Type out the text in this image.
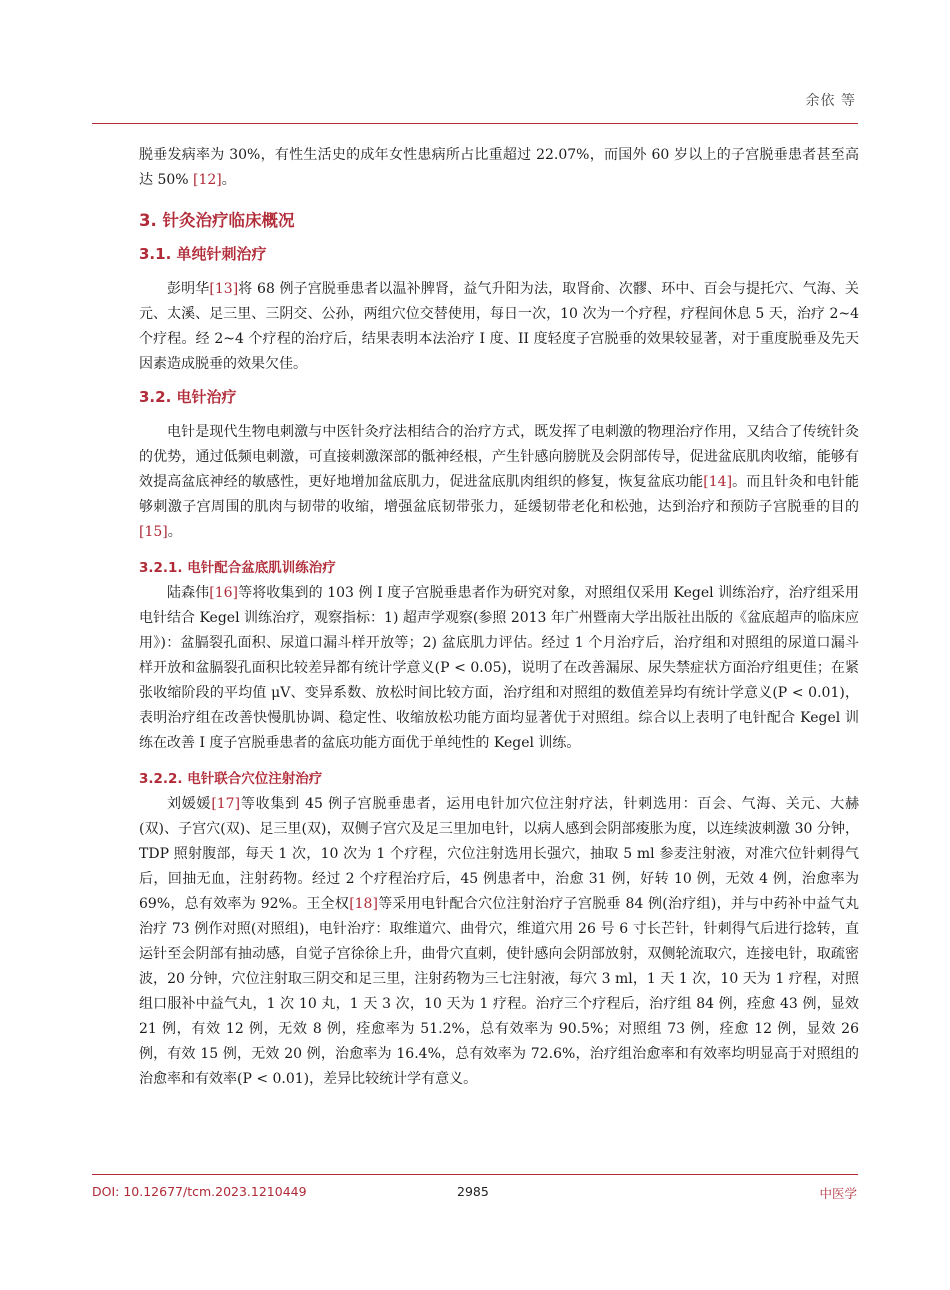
余依 等

脱垂发病率为 30%，有性生活史的成年女性患病所占比重超过 22.07%，而国外 60 岁以上的子宫脱垂患者甚至高达 50% [12]。

3. 针灸治疗临床概况
3.1. 单纯针刺治疗

彭明华[13]将 68 例子宫脱垂患者以温补脾肾，益气升阳为法，取肾俞、次髎、环中、百会与提托穴、气海、关元、太溪、足三里、三阴交、公孙，两组穴位交替使用，每日一次，10 次为一个疗程，疗程间休息 5 天，治疗 2~4 个疗程。经 2~4 个疗程的治疗后，结果表明本法治疗 I 度、II 度轻度子宫脱垂的效果较显著，对于重度脱垂及先天因素造成脱垂的效果欠佳。

3.2. 电针治疗

电针是现代生物电刺激与中医针灸疗法相结合的治疗方式，既发挥了电刺激的物理治疗作用，又结合了传统针灸的优势，通过低频电刺激，可直接刺激深部的骶神经根，产生针感向膀胱及会阴部传导，促进盆底肌肉收缩，能够有效提高盆底神经的敏感性，更好地增加盆底肌力，促进盆底肌肉组织的修复，恢复盆底功能[14]。而且针灸和电针能够刺激子宫周围的肌肉与韧带的收缩，增强盆底韧带张力，延缓韧带老化和松弛，达到治疗和预防子宫脱垂的目的[15]。

3.2.1. 电针配合盆底肌训练治疗

陆森伟[16]等将收集到的 103 例 I 度子宫脱垂患者作为研究对象，对照组仅采用 Kegel 训练治疗，治疗组采用电针结合 Kegel 训练治疗，观察指标：1) 超声学观察(参照 2013 年广州暨南大学出版社出版的《盆底超声的临床应用》)：盆膈裂孔面积、尿道口漏斗样开放等；2) 盆底肌力评估。经过 1 个月治疗后，治疗组和对照组的尿道口漏斗样开放和盆膈裂孔面积比较差异都有统计学意义(P < 0.05)，说明了在改善漏尿、尿失禁症状方面治疗组更佳；在紧张收缩阶段的平均值 μV、变异系数、放松时间比较方面，治疗组和对照组的数值差异均有统计学意义(P < 0.01)，表明治疗组在改善快慢肌协调、稳定性、收缩放松功能方面均显著优于对照组。综合以上表明了电针配合 Kegel 训练在改善 I 度子宫脱垂患者的盆底功能方面优于单纯性的 Kegel 训练。

3.2.2. 电针联合穴位注射治疗

刘媛媛[17]等收集到 45 例子宫脱垂患者，运用电针加穴位注射疗法，针刺选用：百会、气海、关元、大赫(双)、子宫穴(双)、足三里(双)，双侧子宫穴及足三里加电针，以病人感到会阴部痠胀为度，以连续波刺激 30 分钟，TDP 照射腹部，每天 1 次，10 次为 1 个疗程，穴位注射选用长强穴，抽取 5 ml 参麦注射液，对准穴位针刺得气后，回抽无血，注射药物。经过 2 个疗程治疗后，45 例患者中，治愈 31 例，好转 10 例，无效 4 例，治愈率为 69%，总有效率为 92%。王全权[18]等采用电针配合穴位注射治疗子宫脱垂 84 例(治疗组)，并与中药补中益气丸治疗 73 例作对照(对照组)，电针治疗：取维道穴、曲骨穴，维道穴用 26 号 6 寸长芒针，针刺得气后进行捻转，直运针至会阴部有抽动感，自觉子宫徐徐上升，曲骨穴直刺，使针感向会阴部放射，双侧轮流取穴，连接电针，取疏密波，20 分钟，穴位注射取三阴交和足三里，注射药物为三七注射液，每穴 3 ml，1 天 1 次，10 天为 1 疗程，对照组口服补中益气丸，1 次 10 丸，1 天 3 次，10 天为 1 疗程。治疗三个疗程后，治疗组 84 例，痊愈 43 例，显效 21 例，有效 12 例，无效 8 例，痊愈率为 51.2%，总有效率为 90.5%；对照组 73 例，痊愈 12 例，显效 26 例，有效 15 例，无效 20 例，治愈率为 16.4%，总有效率为 72.6%，治疗组治愈率和有效率均明显高于对照组的治愈率和有效率(P < 0.01)，差异比较统计学有意义。

DOI: 10.12677/tcm.2023.1210449	2985	中医学
